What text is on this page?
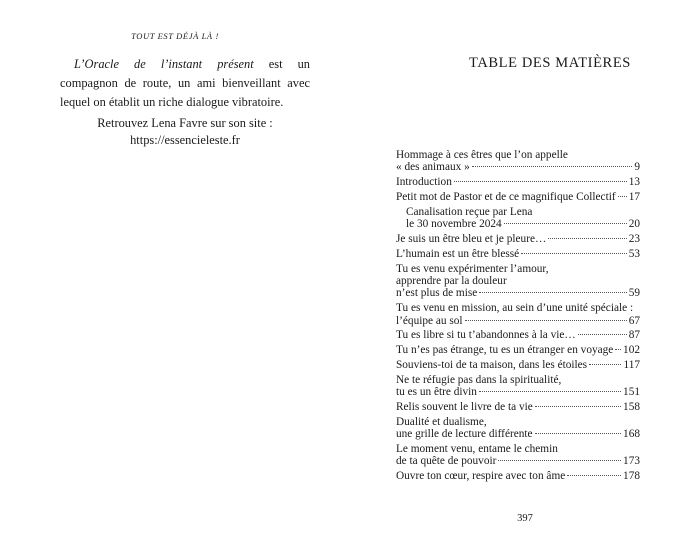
TOUT EST DÉJÀ LÀ !

L’Oracle de l’instant présent est un compagnon de route, un ami bienveillant avec lequel on établit un riche dialogue vibratoire.

Retrouvez Lena Favre sur son site :
https://essencieleste.fr
TABLE DES MATIÈRES
Hommage à ces êtres que l’on appelle
« des animaux »	9
Introduction	13
Petit mot de Pastor et de ce magnifique Collectif 17
Canalisation reçue par Lena
le 30 novembre 2024	20
Je suis un être bleu et je pleure…	23
L’humain est un être blessé	53
Tu es venu expérimenter l’amour,
apprendre par la douleur
n’est plus de mise	59
Tu es venu en mission, au sein d’une unité spéciale :
l’équipe au sol	67
Tu es libre si tu t’abandonnes à la vie…	87
Tu n’es pas étrange, tu es un étranger en voyage 102
Souviens-toi de ta maison, dans les étoiles	117
Ne te réfugie pas dans la spiritualité,
tu es un être divin	151
Relis souvent le livre de ta vie	158
Dualité et dualisme,
une grille de lecture différente	168
Le moment venu, entame le chemin
de ta quête de pouvoir	173
Ouvre ton cœur, respire avec ton âme	178
397
